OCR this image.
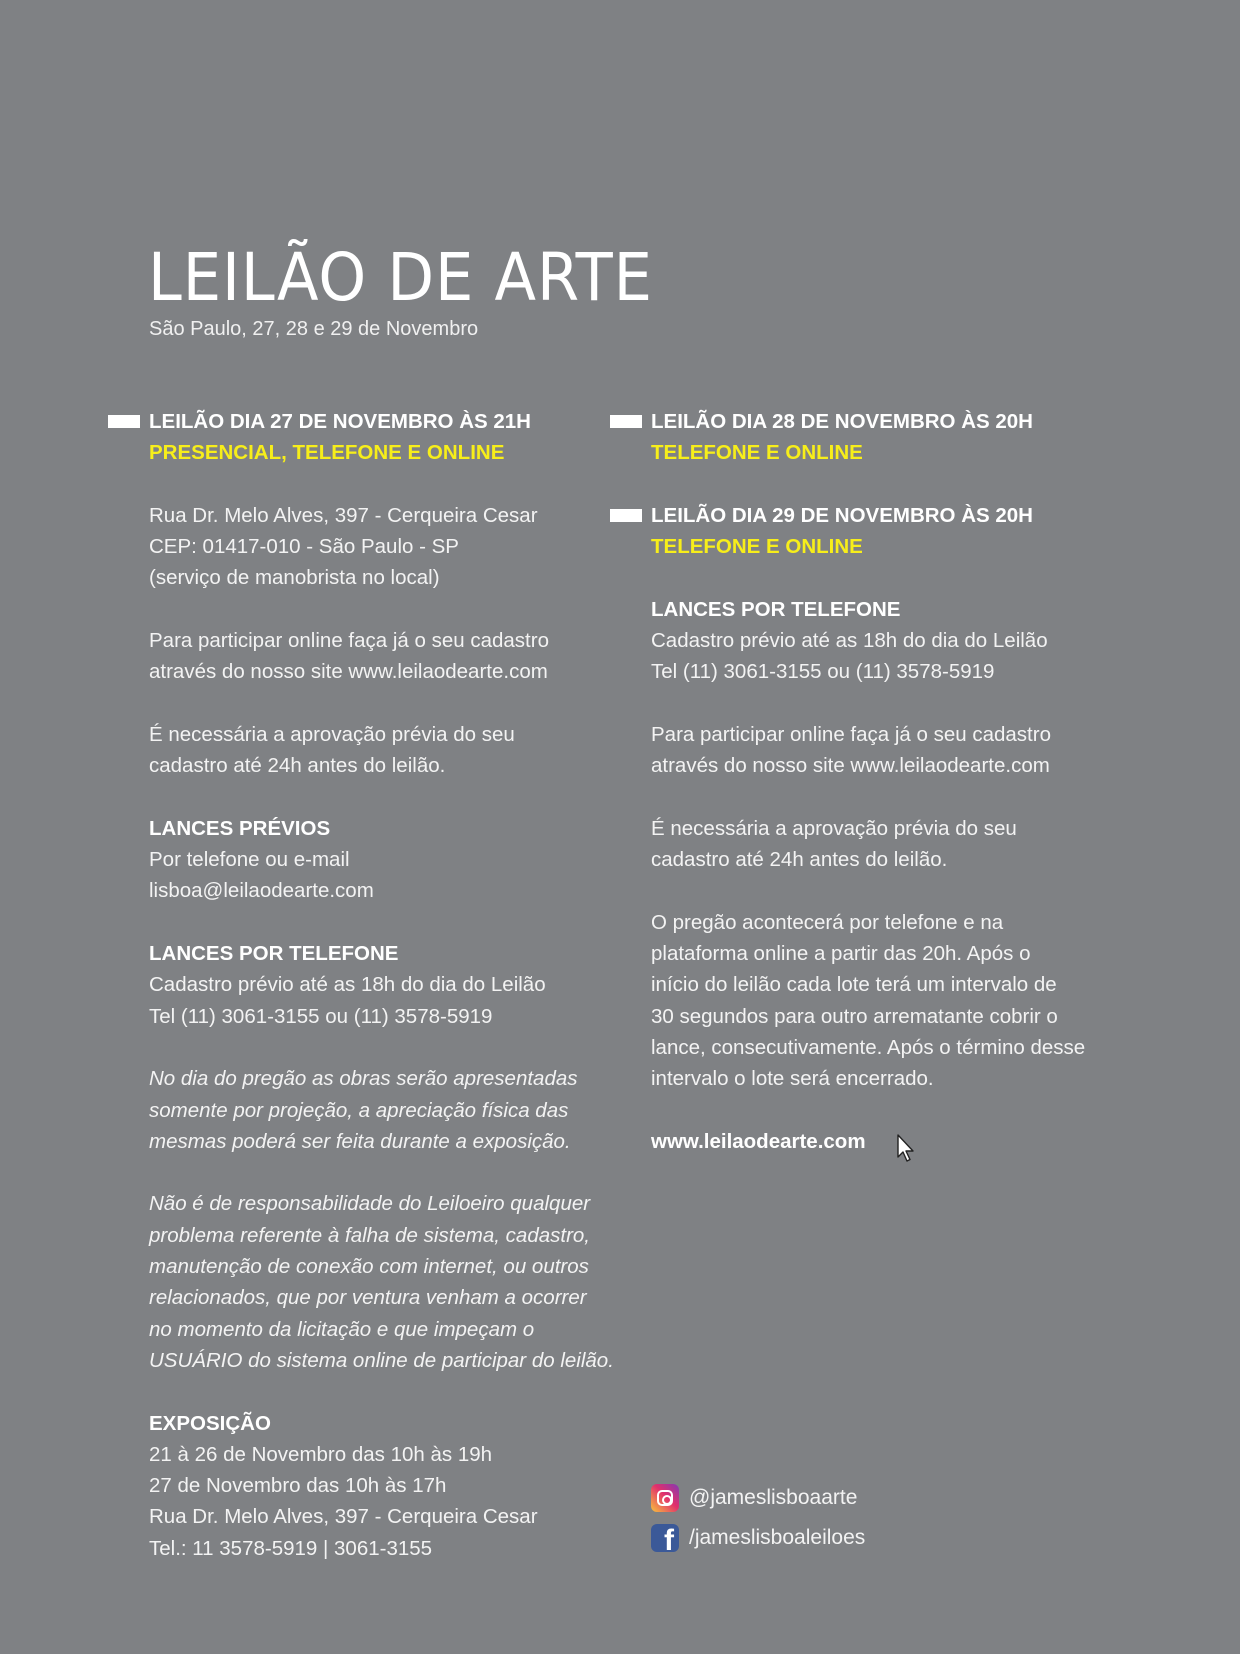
LEILÃO DE ARTE
São Paulo, 27, 28 e 29 de Novembro
LEILÃO DIA 27 DE NOVEMBRO ÀS 21H
PRESENCIAL, TELEFONE E ONLINE
Rua Dr. Melo Alves, 397 - Cerqueira Cesar
CEP: 01417-010 - São Paulo - SP
(serviço de manobrista no local)
Para participar online faça já o seu cadastro
através do nosso site www.leilaodearte.com
É necessária a aprovação prévia do seu
cadastro até 24h antes do leilão.
LANCES PRÉVIOS
Por telefone ou e-mail
lisboa@leilaodearte.com
LANCES POR TELEFONE
Cadastro prévio até as 18h do dia do Leilão
Tel (11) 3061-3155 ou (11) 3578-5919
No dia do pregão as obras serão apresentadas
somente por projeção, a apreciação física das
mesmas poderá ser feita durante a exposição.
Não é de responsabilidade do Leiloeiro qualquer
problema referente à falha de sistema, cadastro,
manutenção de conexão com internet, ou outros
relacionados, que por ventura venham a ocorrer
no momento da licitação e que impeçam o
USUÁRIO do sistema online de participar do leilão.
EXPOSIÇÃO
21 à 26 de Novembro das 10h às 19h
27 de Novembro das 10h às 17h
Rua Dr. Melo Alves, 397 - Cerqueira Cesar
Tel.: 11 3578-5919 | 3061-3155
LEILÃO DIA 28 DE NOVEMBRO ÀS 20H
TELEFONE E ONLINE
LEILÃO DIA 29 DE NOVEMBRO ÀS 20H
TELEFONE E ONLINE
LANCES POR TELEFONE
Cadastro prévio até as 18h do dia do Leilão
Tel (11) 3061-3155 ou (11) 3578-5919
Para participar online faça já o seu cadastro
através do nosso site www.leilaodearte.com
É necessária a aprovação prévia do seu
cadastro até 24h antes do leilão.
O pregão acontecerá por telefone e na
plataforma online a partir das 20h. Após o
início do leilão cada lote terá um intervalo de
30 segundos para outro arrematante cobrir o
lance, consecutivamente. Após o término desse
intervalo o lote será encerrado.
www.leilaodearte.com
@jameslisboaarte
f
/jameslisboaleiloes
